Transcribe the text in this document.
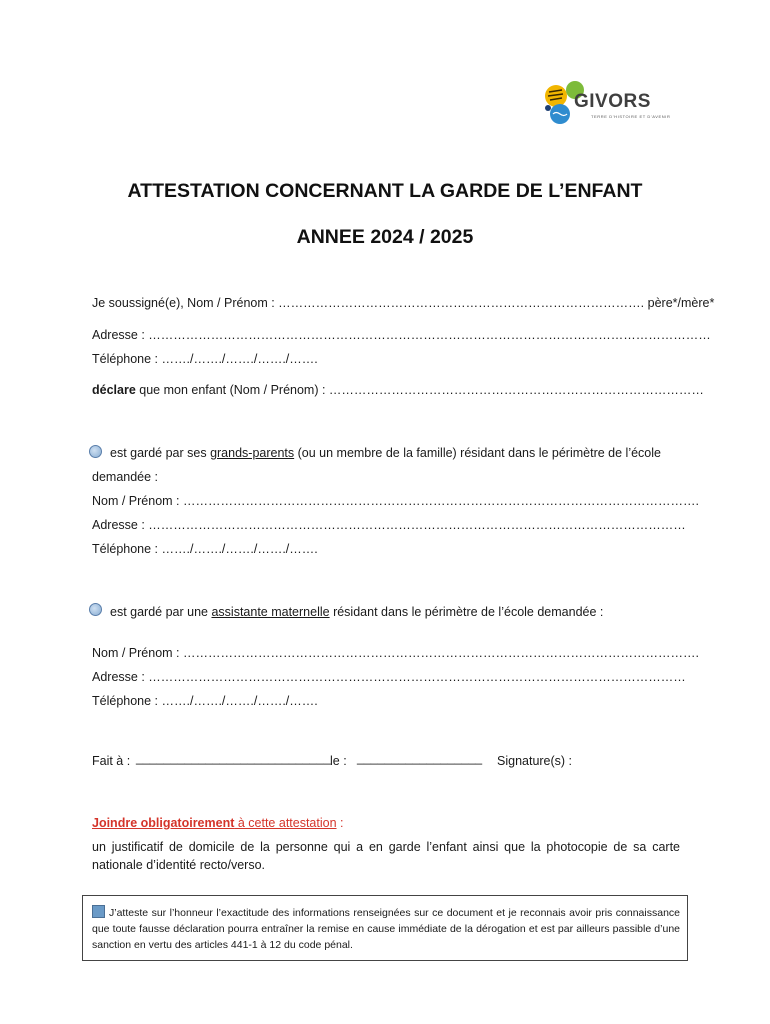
GIVORS
TERRE D'HISTOIRE ET D'AVENIR
ATTESTATION CONCERNANT LA GARDE DE L’ENFANT
ANNEE 2024 / 2025
Je soussigné(e), Nom / Prénom : ……………………………………………………………………………. père*/mère*
Adresse : ………………………………………………………………………………………………………………………
Téléphone : ……./……./……./……./…….
déclare que mon enfant (Nom / Prénom) : ………………………………………………………………………………
est gardé par ses grands-parents (ou un membre de la famille) résidant dans le périmètre de l’école
demandée :
Nom / Prénom : …………………………………………………………………………………………………………….
Adresse : …………………………………………………………………………………………………………………
Téléphone : ……./……./……./……./…….
est gardé par une assistante maternelle résidant dans le périmètre de l’école demandée :
Nom / Prénom : …………………………………………………………………………………………………………….
Adresse : …………………………………………………………………………………………………………………
Téléphone : ……./……./……./……./…….
Fait à : ____________________________ le : __________________ Signature(s) :
Joindre obligatoirement à cette attestation :
un justificatif de domicile de la personne qui a en garde l’enfant ainsi que la photocopie de sa carte nationale d’identité recto/verso.
J’atteste sur l’honneur l’exactitude des informations renseignées sur ce document et je reconnais avoir pris connaissance que toute fausse déclaration pourra entraîner la remise en cause immédiate de la dérogation et est par ailleurs passible d’une sanction en vertu des articles 441-1 à 12 du code pénal.
